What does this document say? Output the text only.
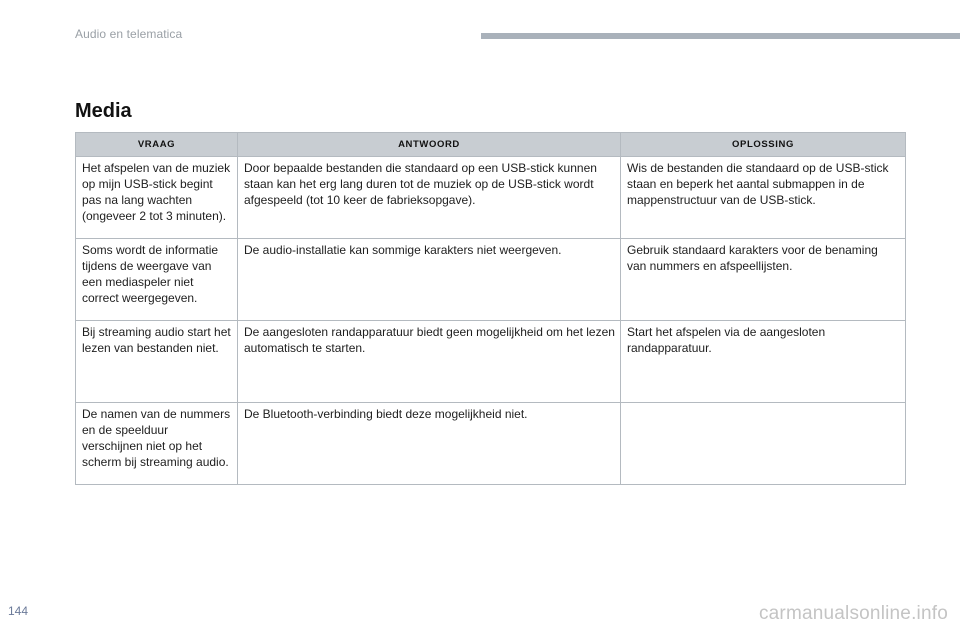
Audio en telematica
Media
VRAAG	ANTWOORD	OPLOSSING
Het afspelen van de muziek op mijn USB-stick begint pas na lang wachten (ongeveer 2 tot 3 minuten).	Door bepaalde bestanden die standaard op een USB-stick kunnen staan kan het erg lang duren tot de muziek op de USB-stick wordt afgespeeld (tot 10 keer de fabrieksopgave).	Wis de bestanden die standaard op de USB-stick staan en beperk het aantal submappen in de mappenstructuur van de USB-stick.
Soms wordt de informatie tijdens de weergave van een mediaspeler niet correct weergegeven.	De audio-installatie kan sommige karakters niet weergeven.	Gebruik standaard karakters voor de benaming van nummers en afspeellijsten.
Bij streaming audio start het lezen van bestanden niet.	De aangesloten randapparatuur biedt geen mogelijkheid om het lezen automatisch te starten.	Start het afspelen via de aangesloten randapparatuur.
De namen van de nummers en de speelduur verschijnen niet op het scherm bij streaming audio.	De Bluetooth-verbinding biedt deze mogelijkheid niet.	
144	carmanualsonline.info
